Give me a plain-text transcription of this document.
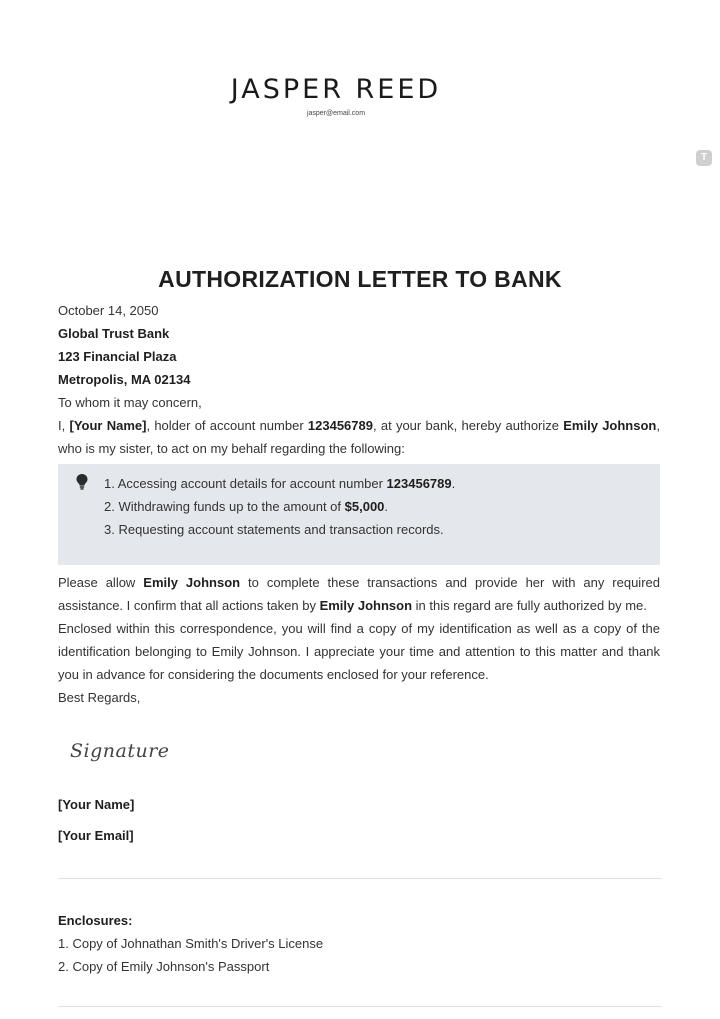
JASPER REED
jasper@email.com
T
AUTHORIZATION LETTER TO BANK
October 14, 2050
Global Trust Bank
123 Financial Plaza
Metropolis, MA 02134
To whom it may concern,

I, [Your Name], holder of account number 123456789, at your bank, hereby authorize Emily Johnson, who is my sister, to act on my behalf regarding the following:

1. Accessing account details for account number 123456789.
2. Withdrawing funds up to the amount of $5,000.
3. Requesting account statements and transaction records.

Please allow Emily Johnson to complete these transactions and provide her with any required assistance. I confirm that all actions taken by Emily Johnson in this regard are fully authorized by me.

Enclosed within this correspondence, you will find a copy of my identification as well as a copy of the identification belonging to Emily Johnson. I appreciate your time and attention to this matter and thank you in advance for considering the documents enclosed for your reference.

Best Regards,
Signature
[Your Name]
[Your Email]
Enclosures:
1. Copy of Johnathan Smith's Driver's License
2. Copy of Emily Johnson's Passport
